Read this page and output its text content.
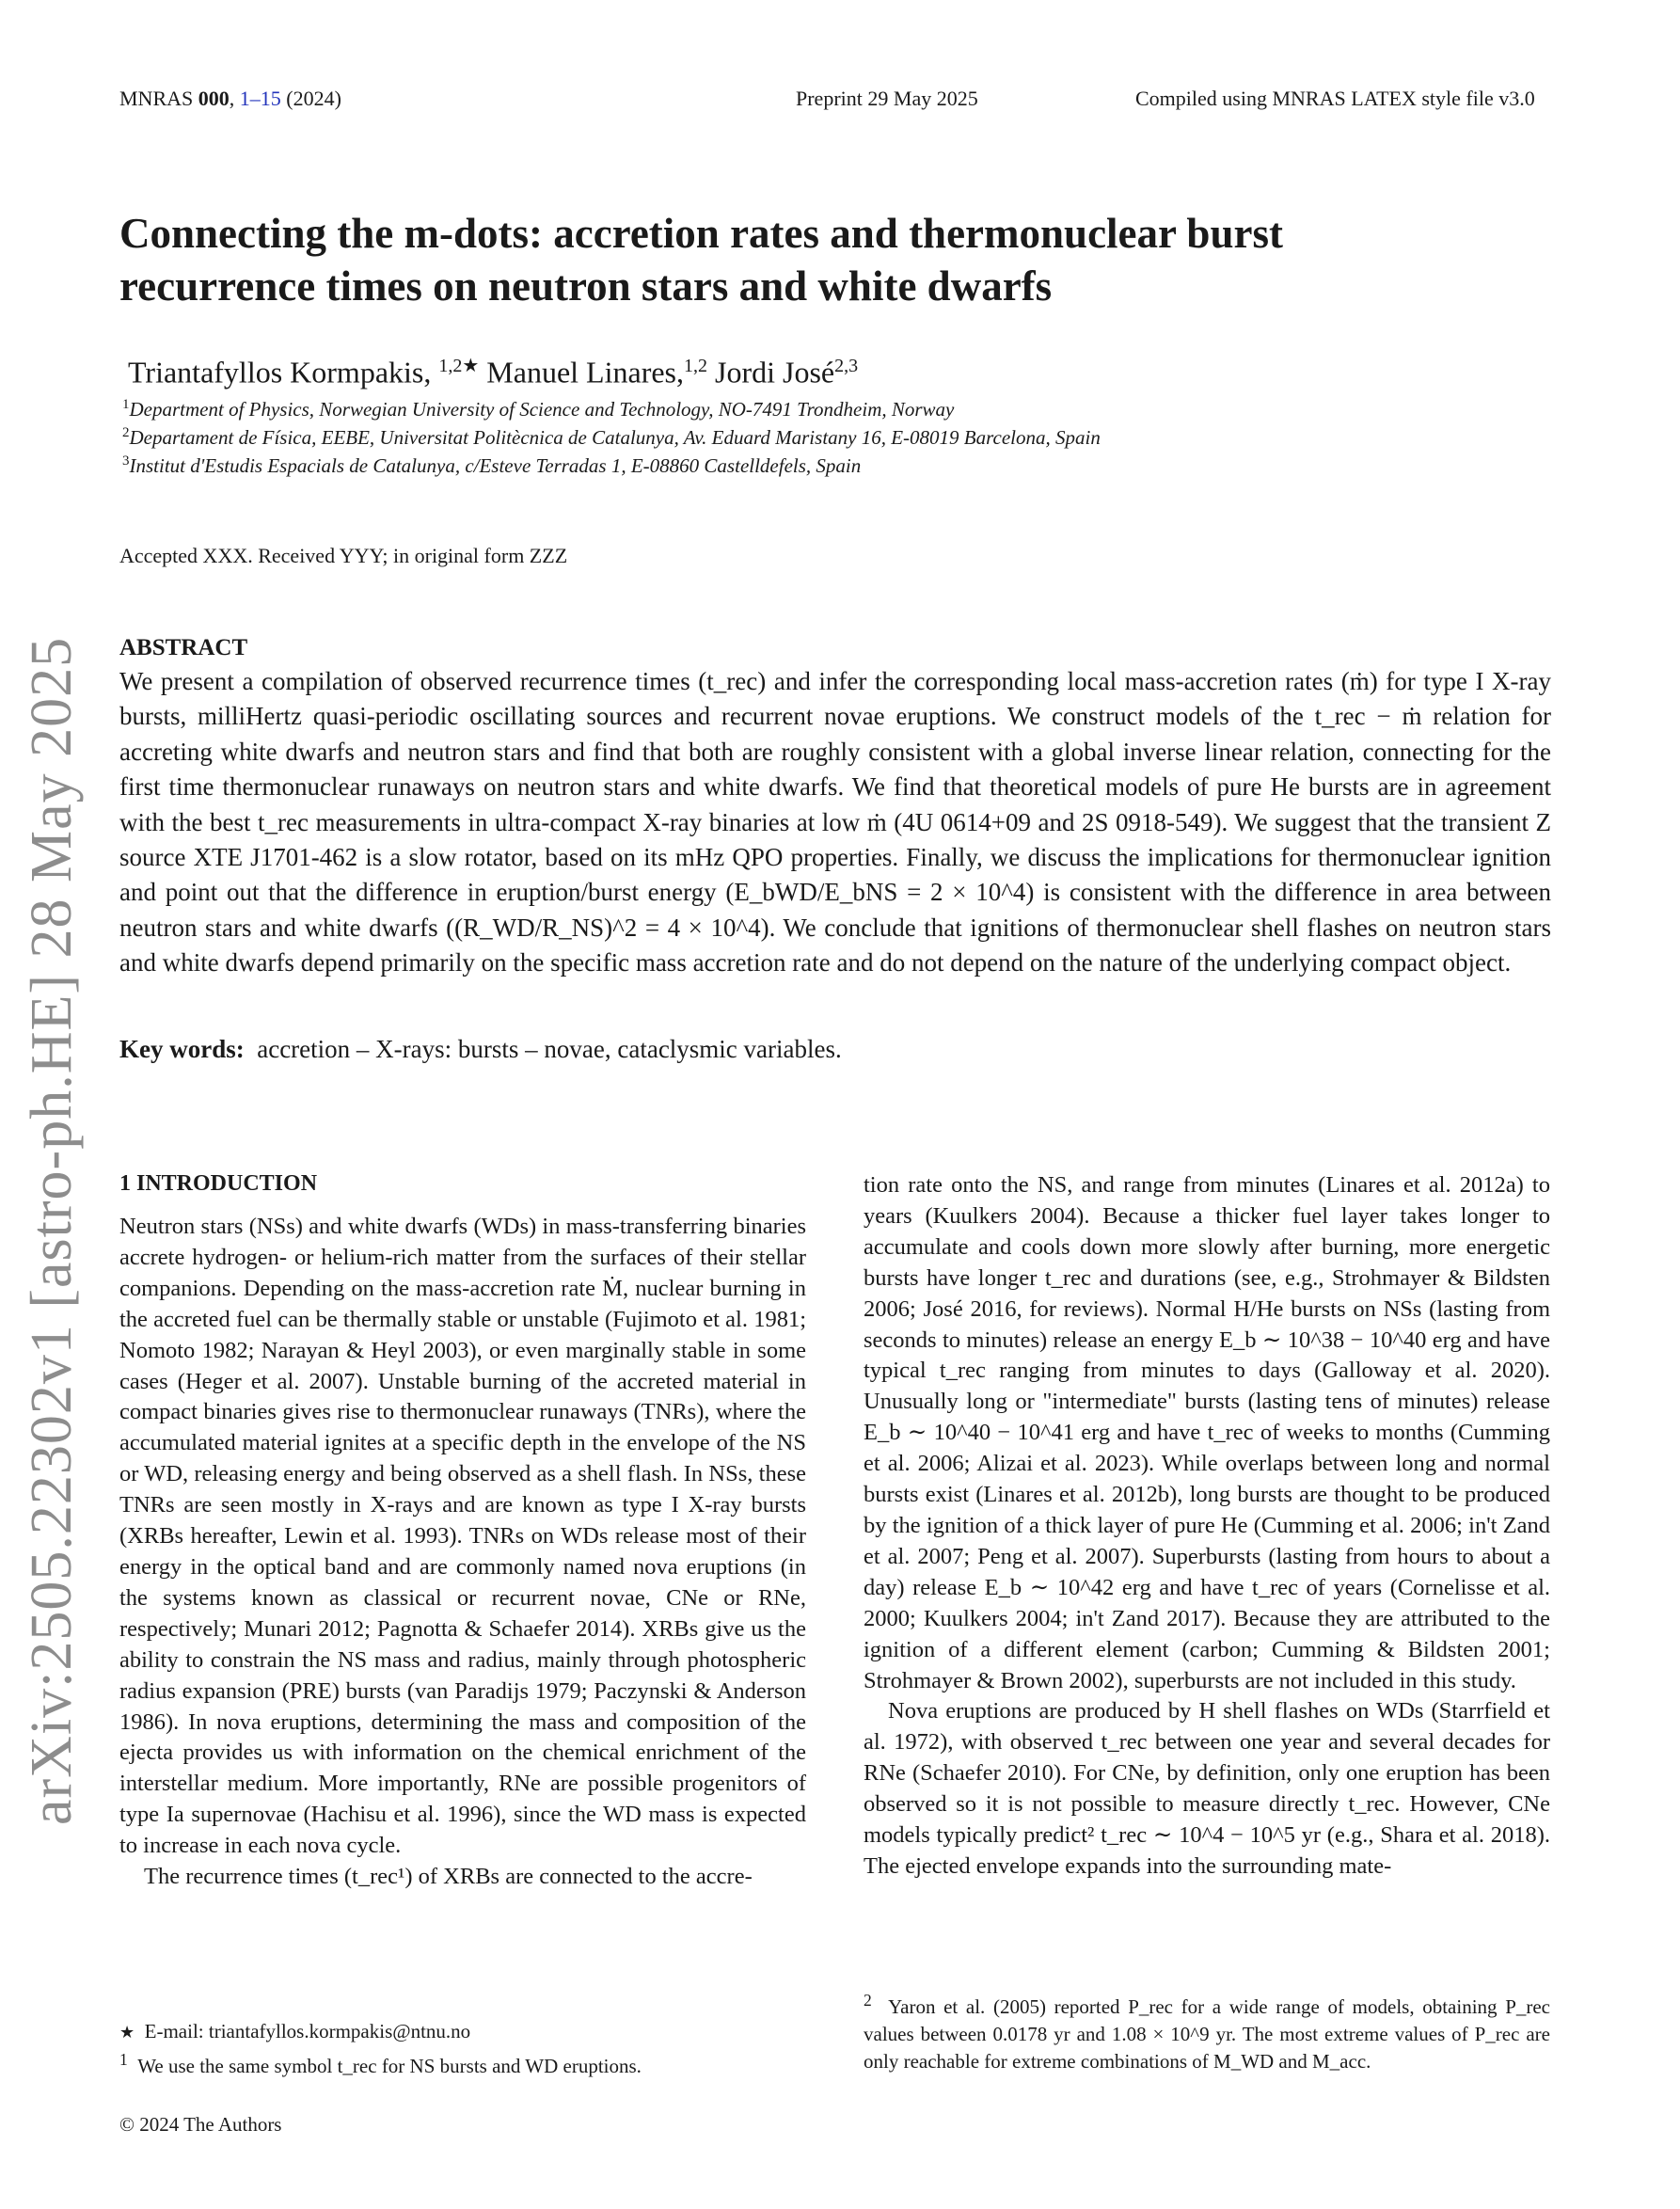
MNRAS 000, 1–15 (2024)	Preprint 29 May 2025	Compiled using MNRAS LATEX style file v3.0
arXiv:2505.22302v1 [astro-ph.HE] 28 May 2025
Connecting the m-dots: accretion rates and thermonuclear burst recurrence times on neutron stars and white dwarfs
Triantafyllos Kormpakis, $^{1,2★}$ Manuel Linares,$^{1,2}$ Jordi José$^{2,3}$
$^1$Department of Physics, Norwegian University of Science and Technology, NO-7491 Trondheim, Norway
$^2$Departament de Física, EEBE, Universitat Politècnica de Catalunya, Av. Eduard Maristany 16, E-08019 Barcelona, Spain
$^3$Institut d'Estudis Espacials de Catalunya, c/Esteve Terradas 1, E-08860 Castelldefels, Spain
Accepted XXX. Received YYY; in original form ZZZ
ABSTRACT
We present a compilation of observed recurrence times (t_rec) and infer the corresponding local mass-accretion rates (ṁ) for type I X-ray bursts, milliHertz quasi-periodic oscillating sources and recurrent novae eruptions. We construct models of the t_rec − ṁ relation for accreting white dwarfs and neutron stars and find that both are roughly consistent with a global inverse linear relation, connecting for the first time thermonuclear runaways on neutron stars and white dwarfs. We find that theoretical models of pure He bursts are in agreement with the best t_rec measurements in ultra-compact X-ray binaries at low ṁ (4U 0614+09 and 2S 0918-549). We suggest that the transient Z source XTE J1701-462 is a slow rotator, based on its mHz QPO properties. Finally, we discuss the implications for thermonuclear ignition and point out that the difference in eruption/burst energy (E_bWD/E_bNS = 2 × 10^4) is consistent with the difference in area between neutron stars and white dwarfs ((R_WD/R_NS)^2 = 4 × 10^4). We conclude that ignitions of thermonuclear shell flashes on neutron stars and white dwarfs depend primarily on the specific mass accretion rate and do not depend on the nature of the underlying compact object.
Key words: accretion – X-rays: bursts – novae, cataclysmic variables.
1 INTRODUCTION

Neutron stars (NSs) and white dwarfs (WDs) in mass-transferring binaries accrete hydrogen- or helium-rich matter from the surfaces of their stellar companions. Depending on the mass-accretion rate Ṁ, nuclear burning in the accreted fuel can be thermally stable or unstable (Fujimoto et al. 1981; Nomoto 1982; Narayan & Heyl 2003), or even marginally stable in some cases (Heger et al. 2007). Unstable burning of the accreted material in compact binaries gives rise to thermonuclear runaways (TNRs), where the accumulated material ignites at a specific depth in the envelope of the NS or WD, releasing energy and being observed as a shell flash. In NSs, these TNRs are seen mostly in X-rays and are known as type I X-ray bursts (XRBs hereafter, Lewin et al. 1993). TNRs on WDs release most of their energy in the optical band and are commonly named nova eruptions (in the systems known as classical or recurrent novae, CNe or RNe, respectively; Munari 2012; Pagnotta & Schaefer 2014). XRBs give us the ability to constrain the NS mass and radius, mainly through photospheric radius expansion (PRE) bursts (van Paradijs 1979; Paczynski & Anderson 1986). In nova eruptions, determining the mass and composition of the ejecta provides us with information on the chemical enrichment of the interstellar medium. More importantly, RNe are possible progenitors of type Ia supernovae (Hachisu et al. 1996), since the WD mass is expected to increase in each nova cycle.

The recurrence times (t_rec¹) of XRBs are connected to the accre-

tion rate onto the NS, and range from minutes (Linares et al. 2012a) to years (Kuulkers 2004). Because a thicker fuel layer takes longer to accumulate and cools down more slowly after burning, more energetic bursts have longer t_rec and durations (see, e.g., Strohmayer & Bildsten 2006; José 2016, for reviews). Normal H/He bursts on NSs (lasting from seconds to minutes) release an energy E_b ∼ 10^38 − 10^40 erg and have typical t_rec ranging from minutes to days (Galloway et al. 2020). Unusually long or "intermediate" bursts (lasting tens of minutes) release E_b ∼ 10^40 − 10^41 erg and have t_rec of weeks to months (Cumming et al. 2006; Alizai et al. 2023). While overlaps between long and normal bursts exist (Linares et al. 2012b), long bursts are thought to be produced by the ignition of a thick layer of pure He (Cumming et al. 2006; in't Zand et al. 2007; Peng et al. 2007). Superbursts (lasting from hours to about a day) release E_b ∼ 10^42 erg and have t_rec of years (Cornelisse et al. 2000; Kuulkers 2004; in't Zand 2017). Because they are attributed to the ignition of a different element (carbon; Cumming & Bildsten 2001; Strohmayer & Brown 2002), superbursts are not included in this study.

Nova eruptions are produced by H shell flashes on WDs (Starrfield et al. 1972), with observed t_rec between one year and several decades for RNe (Schaefer 2010). For CNe, by definition, only one eruption has been observed so it is not possible to measure directly t_rec. However, CNe models typically predict² t_rec ∼ 10^4 − 10^5 yr (e.g., Shara et al. 2018). The ejected envelope expands into the surrounding mate-

★ E-mail: triantafyllos.kormpakis@ntnu.no
$^1$ We use the same symbol t_rec for NS bursts and WD eruptions.
$^2$ Yaron et al. (2005) reported P_rec for a wide range of models, obtaining P_rec values between 0.0178 yr and 1.08 × 10^9 yr. The most extreme values of P_rec are only reachable for extreme combinations of M_WD and M_acc.
© 2024 The Authors
